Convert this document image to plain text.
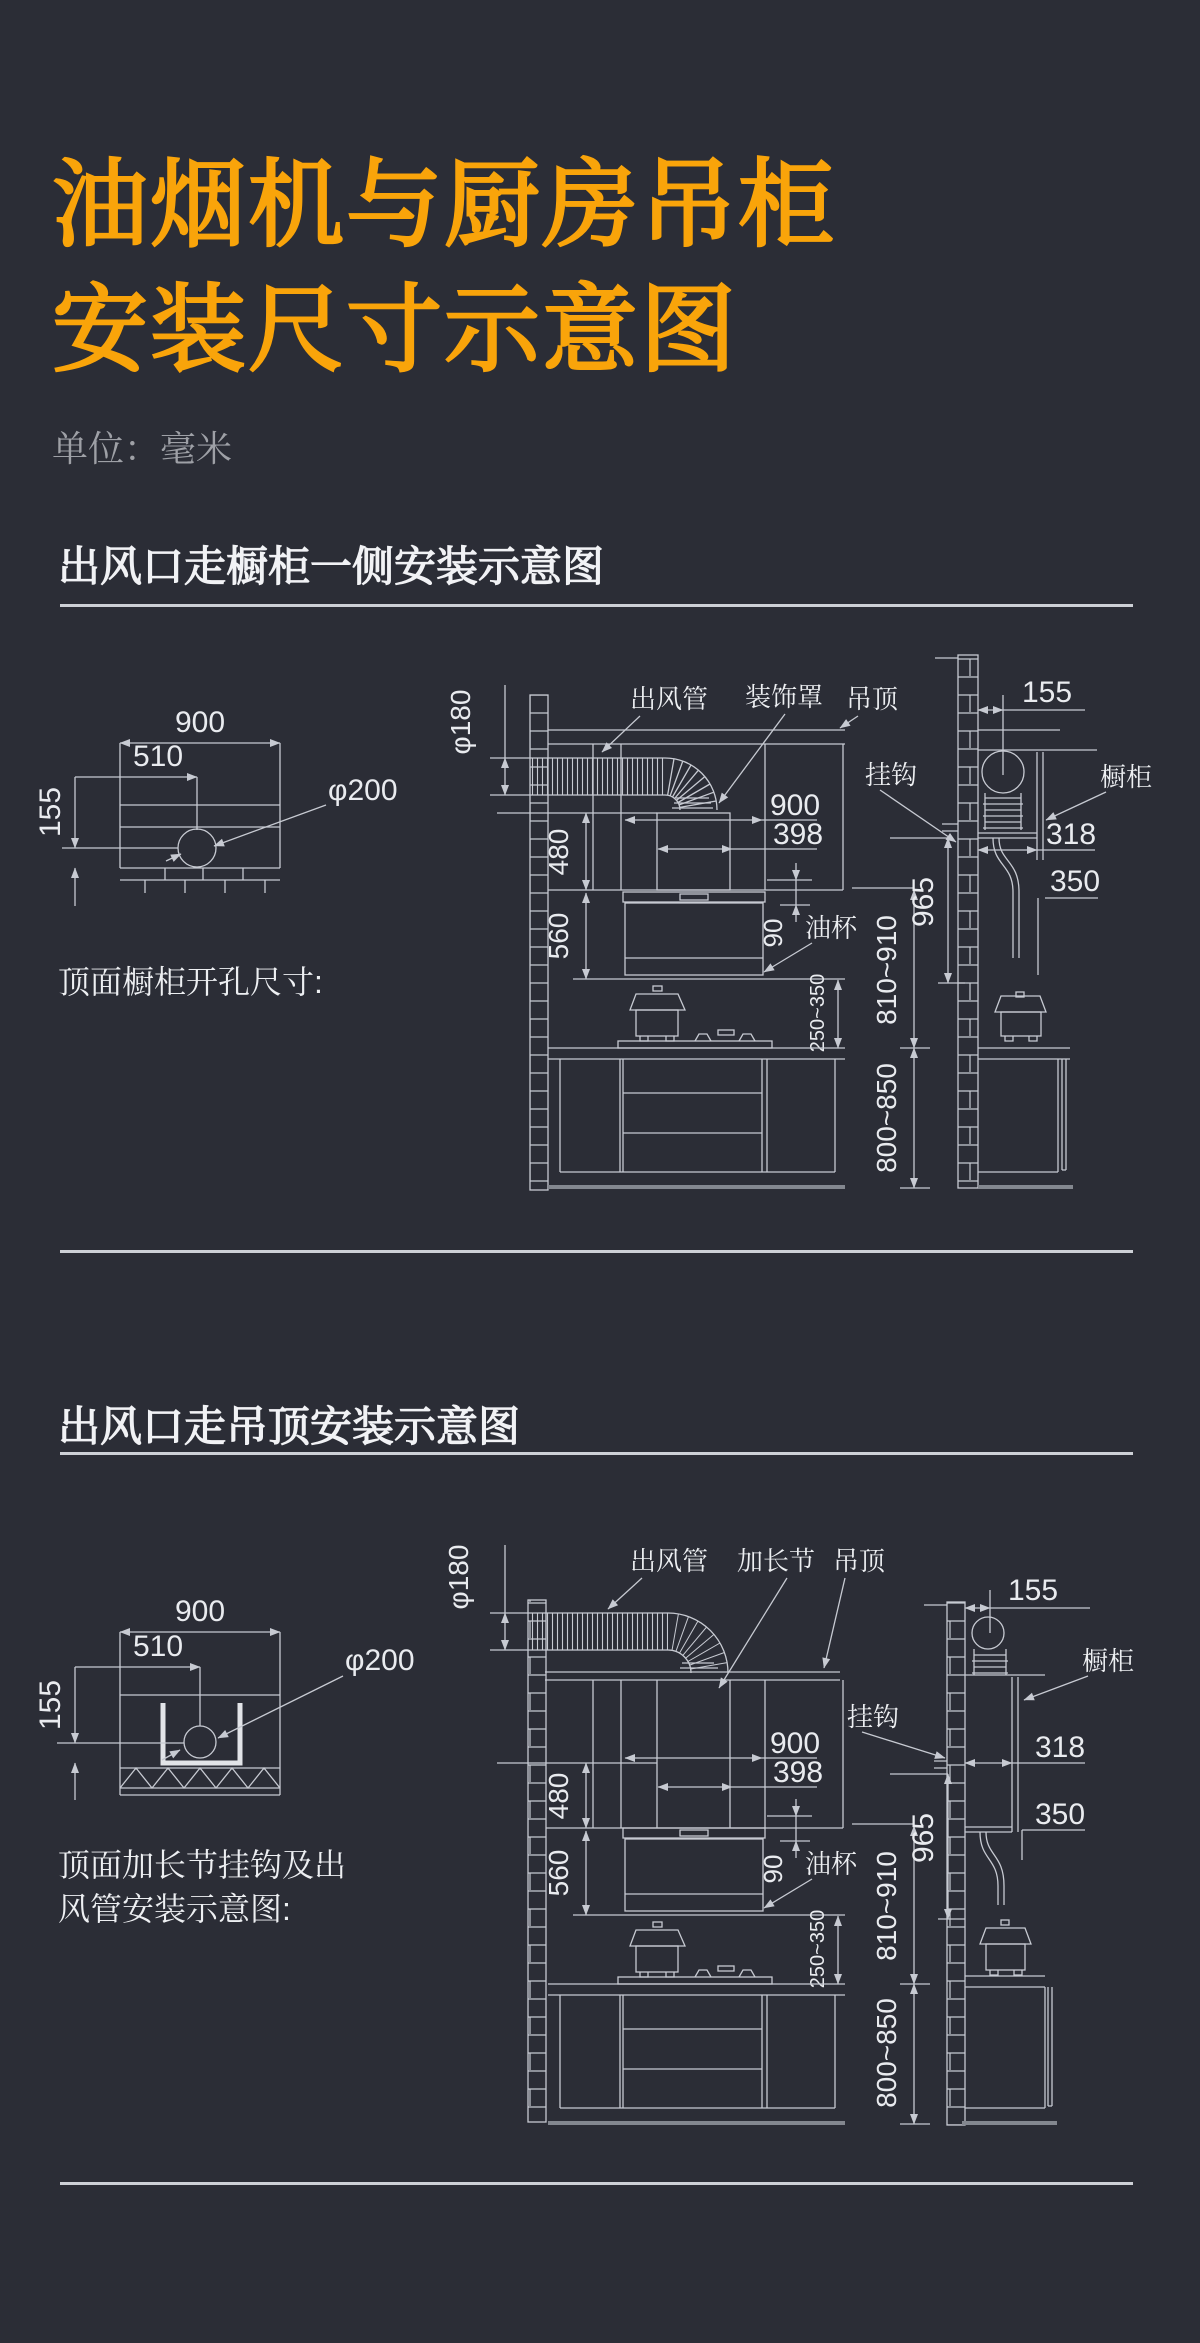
油烟机与厨房吊柜
安装尺寸示意图
单位：毫米
出风口走橱柜一侧安装示意图
900
510
155	φ200
φ180	出风管 装饰罩 吊顶
480
560
900
398
90 油杯
250~350 810~910
800~850
965
挂钩
155
橱柜
318
350
顶面橱柜开孔尺寸:
出风口走吊顶安装示意图
900
510
155
φ200
φ180	出风管 加长节 吊顶
480
560
900
398
90 油杯
250~350 810~910
800~850
965
挂钩
155
橱柜
318
350
顶面加长节挂钩及出
风管安装示意图:
